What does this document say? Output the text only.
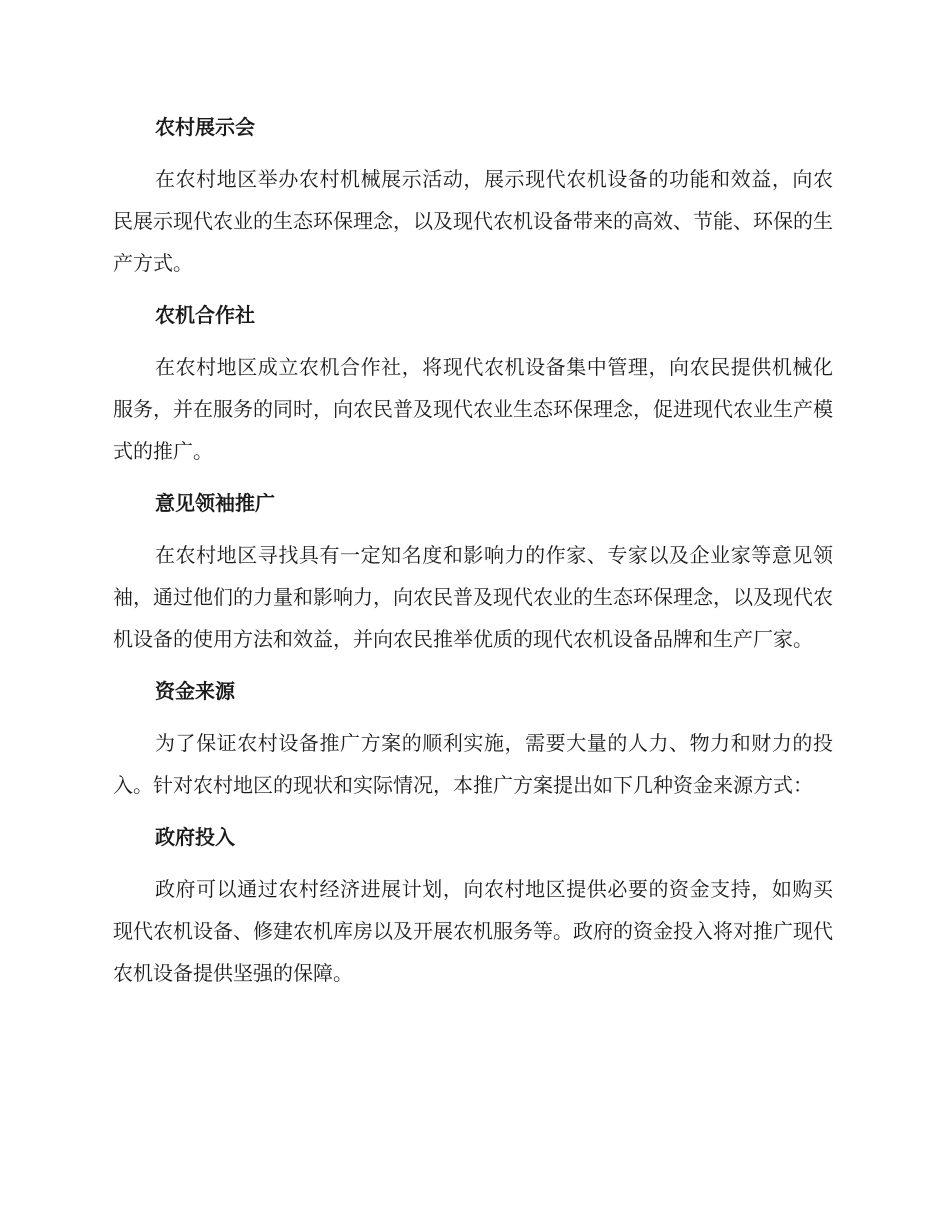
农村展示会

在农村地区举办农村机械展示活动，展示现代农机设备的功能和效益，向农民展示现代农业的生态环保理念，以及现代农机设备带来的高效、节能、环保的生产方式。

农机合作社

在农村地区成立农机合作社，将现代农机设备集中管理，向农民提供机械化服务，并在服务的同时，向农民普及现代农业生态环保理念，促进现代农业生产模式的推广。

意见领袖推广

在农村地区寻找具有一定知名度和影响力的作家、专家以及企业家等意见领袖，通过他们的力量和影响力，向农民普及现代农业的生态环保理念，以及现代农机设备的使用方法和效益，并向农民推举优质的现代农机设备品牌和生产厂家。

资金来源

为了保证农村设备推广方案的顺利实施，需要大量的人力、物力和财力的投入。针对农村地区的现状和实际情况，本推广方案提出如下几种资金来源方式：

政府投入

政府可以通过农村经济进展计划，向农村地区提供必要的资金支持，如购买现代农机设备、修建农机库房以及开展农机服务等。政府的资金投入将对推广现代农机设备提供坚强的保障。
